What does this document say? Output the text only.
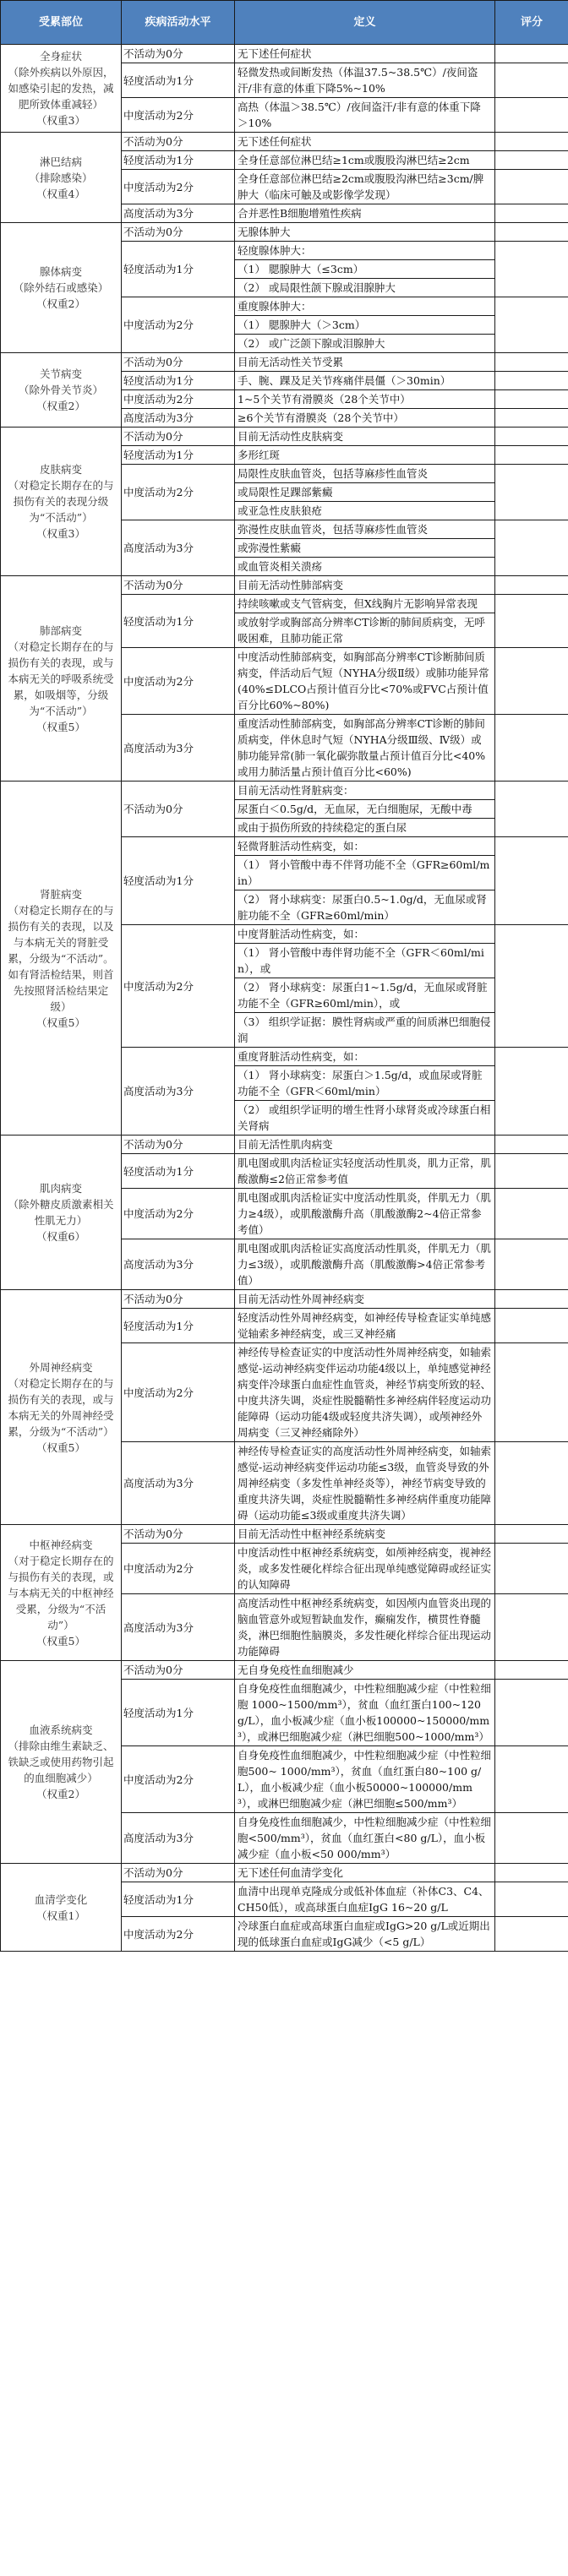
受累部位	疾病活动水平	定义	评分

全身症状
（除外疾病以外原因，如感染引起的发热，减肥所致体重减轻）
（权重3）	不活动为0分	无下述任何症状	
	轻度活动为1分	轻微发热或间断发热（体温37.5~38.5℃）/夜间盗汗/非有意的体重下降5%~10%	
	中度活动为2分	高热（体温＞38.5℃）/夜间盗汗/非有意的体重下降＞10%	

淋巴结病
（排除感染）
（权重4）	不活动为0分	无下述任何症状	
	轻度活动为1分	全身任意部位淋巴结≥1cm或腹股沟淋巴结≥2cm	
	中度活动为2分	全身任意部位淋巴结≥2cm或腹股沟淋巴结≥3cm/脾肿大（临床可触及或影像学发现）	
	高度活动为3分	合并恶性B细胞增殖性疾病	

腺体病变
（除外结石或感染）（权重2）	不活动为0分	无腺体肿大	
	轻度活动为1分	轻度腺体肿大：	
		（1） 腮腺肿大（≤3cm）	
		（2） 或局限性颌下腺或泪腺肿大	
	中度活动为2分	重度腺体肿大：	
		（1） 腮腺肿大（＞3cm）	
		（2） 或广泛颌下腺或泪腺肿大	

关节病变
（除外骨关节炎）
（权重2）	不活动为0分	目前无活动性关节受累	
	轻度活动为1分	手、腕、踝及足关节疼痛伴晨僵（＞30min）	
	中度活动为2分	1~5个关节有滑膜炎（28个关节中）	
	高度活动为3分	≥6个关节有滑膜炎（28个关节中）	

皮肤病变
（对稳定长期存在的与损伤有关的表现分级为“不活动”）
（权重3）	不活动为0分	目前无活动性皮肤病变	
	轻度活动为1分	多形红斑	
	中度活动为2分	局限性皮肤血管炎，包括荨麻疹性血管炎	
		或局限性足踝部紫癜	
		或亚急性皮肤狼疮	
	高度活动为3分	弥漫性皮肤血管炎，包括荨麻疹性血管炎	
		或弥漫性紫癜	
		或血管炎相关溃疡	

肺部病变
（对稳定长期存在的与损伤有关的表现，或与本病无关的呼吸系统受累，如吸烟等，分级为“不活动”）
（权重5）	不活动为0分	目前无活动性肺部病变	
	轻度活动为1分	持续咳嗽或支气管病变，但X线胸片无影响异常表现	
		或放射学或胸部高分辨率CT诊断的肺间质病变，无呼吸困难，且肺功能正常	
	中度活动为2分	中度活动性肺部病变，如胸部高分辨率CT诊断肺间质病变，伴活动后气短（NYHA分级Ⅱ级）或肺功能异常(40%≤DLCO占预计值百分比<70%或FVC占预计值百分比60%~80%)	
	高度活动为3分	重度活动性肺部病变，如胸部高分辨率CT诊断的肺间质病变，伴休息时气短（NYHA分级Ⅲ级、Ⅳ级）或肺功能异常(肺一氧化碳弥散量占预计值百分比<40%或用力肺活量占预计值百分比<60%)	

肾脏病变
（对稳定长期存在的与损伤有关的表现，以及与本病无关的肾脏受累，分级为“不活动”。如有肾活检结果，则首先按照肾活检结果定级）
（权重5）	不活动为0分	目前无活动性肾脏病变：	
		尿蛋白＜0.5g/d，无血尿，无白细胞尿，无酸中毒	
		或由于损伤所致的持续稳定的蛋白尿	
	轻度活动为1分	轻微肾脏活动性病变，如：	
		（1） 肾小管酸中毒不伴肾功能不全（GFR≥60ml/min）	
		（2） 肾小球病变：尿蛋白0.5~1.0g/d，无血尿或肾脏功能不全（GFR≥60ml/min）	
	中度活动为2分	中度肾脏活动性病变，如：	
		（1） 肾小管酸中毒伴肾功能不全（GFR＜60ml/min），或	
		（2） 肾小球病变：尿蛋白1~1.5g/d，无血尿或肾脏功能不全（GFR≥60ml/min），或	
		（3） 组织学证据：膜性肾病或严重的间质淋巴细胞侵润	
	高度活动为3分	重度肾脏活动性病变，如：	
		（1） 肾小球病变：尿蛋白＞1.5g/d，或血尿或肾脏功能不全（GFR＜60ml/min）	
		（2） 或组织学证明的增生性肾小球肾炎或冷球蛋白相关肾病	

肌肉病变
（除外糖皮质激素相关性肌无力）
（权重6）	不活动为0分	目前无活性肌肉病变	
	轻度活动为1分	肌电图或肌肉活检证实轻度活动性肌炎，肌力正常，肌酸激酶≤2倍正常参考值	
	中度活动为2分	肌电图或肌肉活检证实中度活动性肌炎，伴肌无力（肌力≥4级），或肌酸激酶升高（肌酸激酶2~4倍正常参考值）	
	高度活动为3分	肌电图或肌肉活检证实高度活动性肌炎，伴肌无力（肌力≤3级），或肌酸激酶升高（肌酸激酶>4倍正常参考值）	

外周神经病变
（对稳定长期存在的与损伤有关的表现，或与本病无关的外周神经受累，分级为“不活动”）
（权重5）	不活动为0分	目前无活动性外周神经病变	
	轻度活动为1分	轻度活动性外周神经病变，如神经传导检查证实单纯感觉轴索多神经病变，或三叉神经痛	
	中度活动为2分	神经传导检查证实的中度活动性外周神经病变，如轴索感觉-运动神经病变伴运动功能4级以上，单纯感觉神经病变伴冷球蛋白血症性血管炎，神经节病变所致的轻、中度共济失调，炎症性脱髓鞘性多神经病伴轻度运动功能障碍（运动功能4级或轻度共济失调），或颅神经外周病变（三叉神经痛除外）	
	高度活动为3分	神经传导检查证实的高度活动性外周神经病变，如轴索感觉-运动神经病变伴运动功能≤3级，血管炎导致的外周神经病变（多发性单神经炎等），神经节病变导致的重度共济失调，炎症性脱髓鞘性多神经病伴重度功能障碍（运动功能≤3级或重度共济失调）	

中枢神经病变
（对于稳定长期存在的与损伤有关的表现，或与本病无关的中枢神经受累，分级为“不活动”）
（权重5）	不活动为0分	目前无活动性中枢神经系统病变	
	中度活动为2分	中度活动性中枢神经系统病变，如颅神经病变，视神经炎，或多发性硬化样综合征出现单纯感觉障碍或经证实的认知障碍	
	高度活动为3分	高度活动性中枢神经系统病变，如因颅内血管炎出现的脑血管意外或短暂缺血发作，癫痫发作，横贯性脊髓炎，淋巴细胞性脑膜炎，多发性硬化样综合征出现运动功能障碍	

血液系统病变
（排除由维生素缺乏、铁缺乏或使用药物引起的血细胞减少）
（权重2）	不活动为0分	无自身免疫性血细胞减少	
	轻度活动为1分	自身免疫性血细胞减少，中性粒细胞减少症（中性粒细胞 1000~1500/mm³），贫血（血红蛋白100~120g/L），血小板减少症（血小板100000~150000/mm³），或淋巴细胞减少症（淋巴细胞500~1000/mm³）	
	中度活动为2分	自身免疫性血细胞减少，中性粒细胞减少症（中性粒细胞500~ 1000/mm³），贫血（血红蛋白80~100 g/L），血小板减少症（血小板50000~100000/mm³），或淋巴细胞减少症（淋巴细胞≤500/mm³）	
	高度活动为3分	自身免疫性血细胞减少，中性粒细胞减少症（中性粒细胞<500/mm³），贫血（血红蛋白<80 g/L），血小板减少症（血小板<50 000/mm³）	

血清学变化
（权重1）	不活动为0分	无下述任何血清学变化	
	轻度活动为1分	血清中出现单克隆成分或低补体血症（补体C3、C4、CH50低），或高球蛋白血症IgG 16~20 g/L	
	中度活动为2分	冷球蛋白血症或高球蛋白血症或IgG>20 g/L或近期出现的低球蛋白血症或IgG减少（<5 g/L）	
